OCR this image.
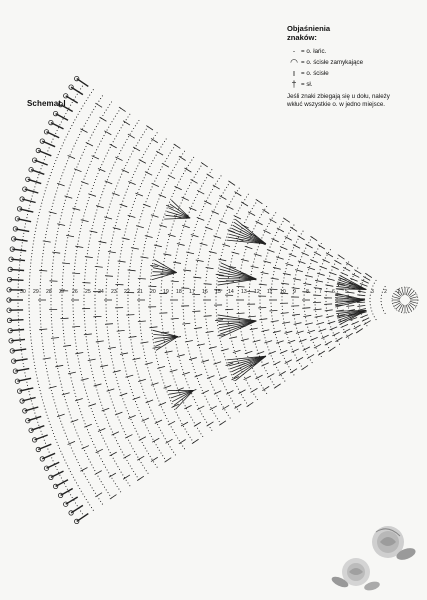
30 29 28 27 26 25 24 23 22 21 20 19 18 17 16 15 14 13 12 11 10 9 8 7 6 5 4 3 2 1
Schemat I
Objaśnienia
znaków:
· = o. łańc.
◠ = o. ścisłe zamykające
ı = o. ścisłe
† = sł.
Jeśli znaki zbiegają się u dołu, należy wkłuć wszystkie o. w jedno miejsce.
